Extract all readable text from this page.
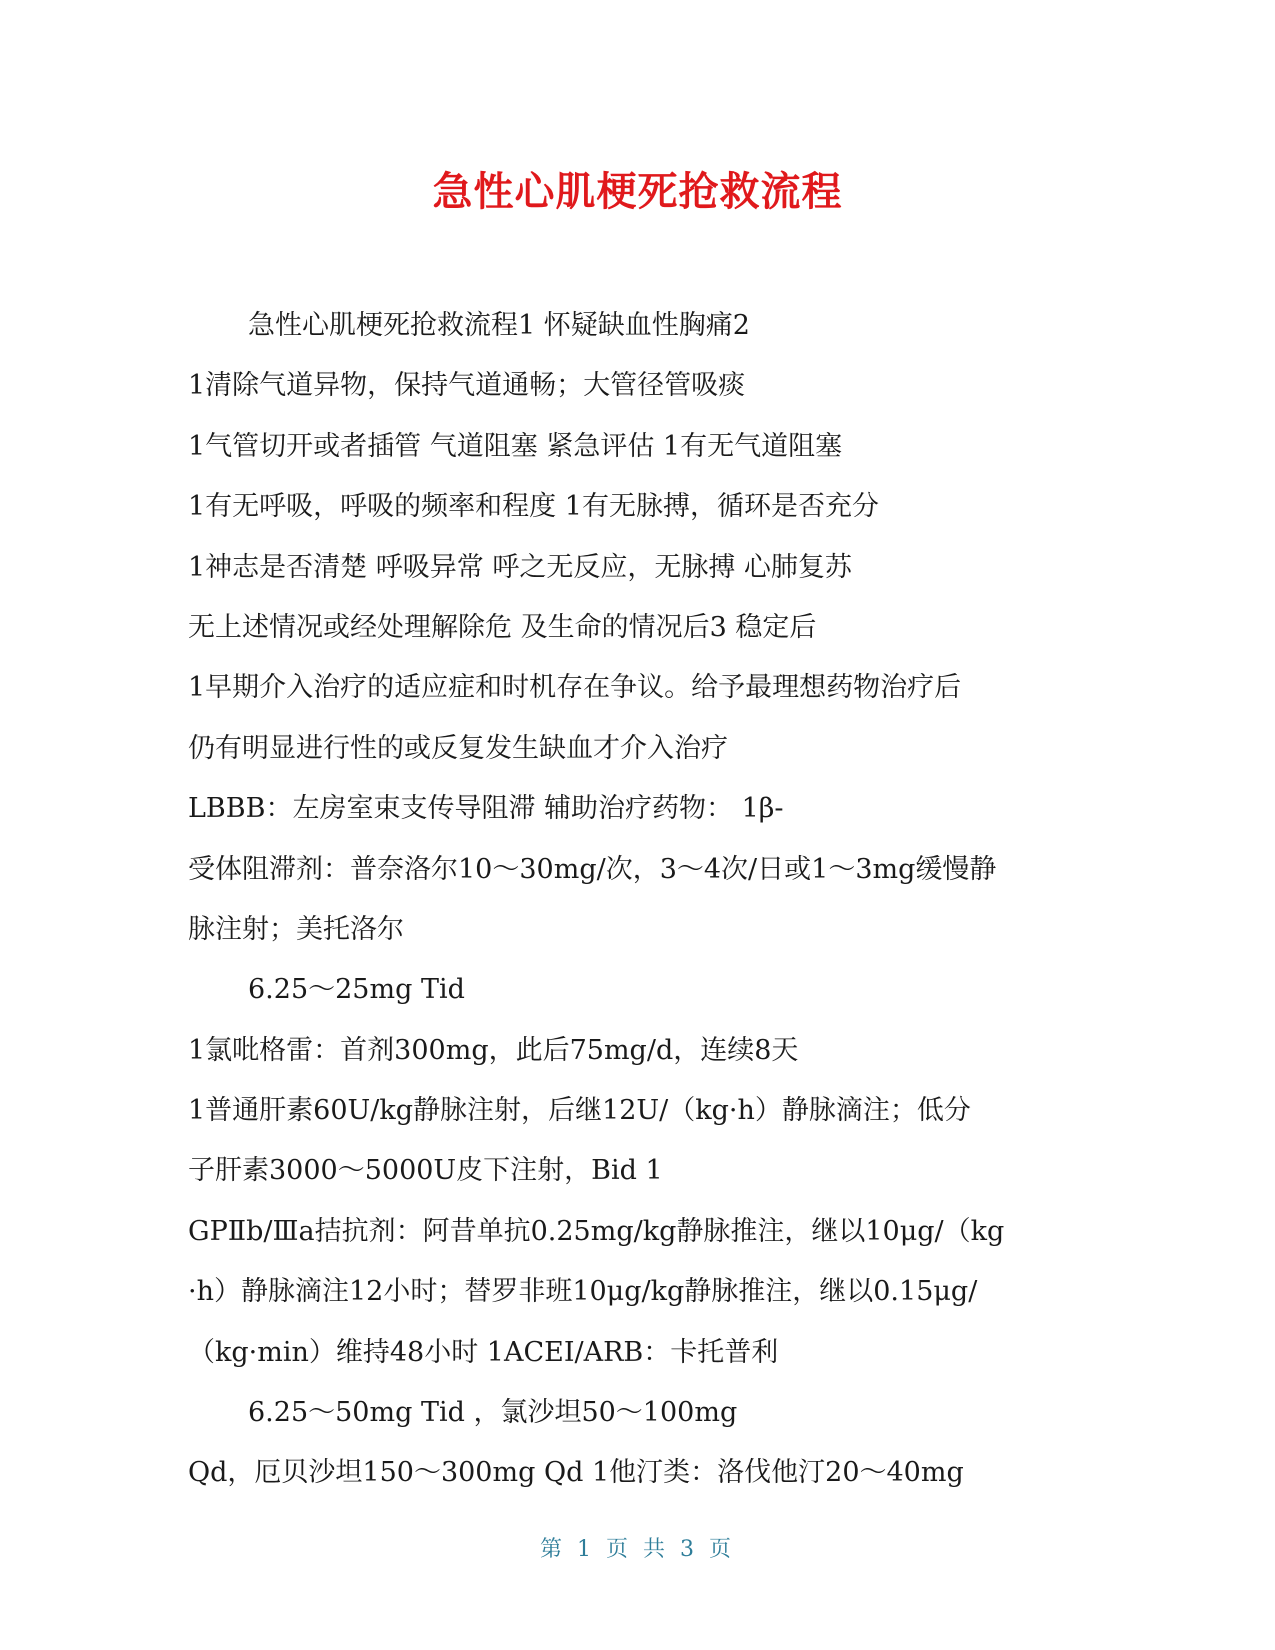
急性心肌梗死抢救流程
急性心肌梗死抢救流程1 怀疑缺血性胸痛2
1清除气道异物，保持气道通畅；大管径管吸痰
1气管切开或者插管 气道阻塞 紧急评估 1有无气道阻塞
1有无呼吸，呼吸的频率和程度 1有无脉搏，循环是否充分
1神志是否清楚 呼吸异常 呼之无反应，无脉搏 心肺复苏
无上述情况或经处理解除危 及生命的情况后3 稳定后
1早期介入治疗的适应症和时机存在争议。给予最理想药物治疗后
仍有明显进行性的或反复发生缺血才介入治疗
LBBB：左房室束支传导阻滞 辅助治疗药物： 1β-
受体阻滞剂：普奈洛尔10～30mg/次，3～4次/日或1～3mg缓慢静
脉注射；美托洛尔
6.25～25mg Tid
1氯吡格雷：首剂300mg，此后75mg/d，连续8天
1普通肝素60U/kg静脉注射，后继12U/（kg·h）静脉滴注；低分
子肝素3000～5000U皮下注射，Bid 1
GPⅡb/Ⅲa拮抗剂：阿昔单抗0.25mg/kg静脉推注，继以10μg/（kg
·h）静脉滴注12小时；替罗非班10μg/kg静脉推注，继以0.15μg/
（kg·min）维持48小时 1ACEI/ARB：卡托普利
6.25～50mg Tid ，氯沙坦50～100mg
Qd，厄贝沙坦150～300mg Qd 1他汀类：洛伐他汀20～40mg
第 1 页 共 3 页
